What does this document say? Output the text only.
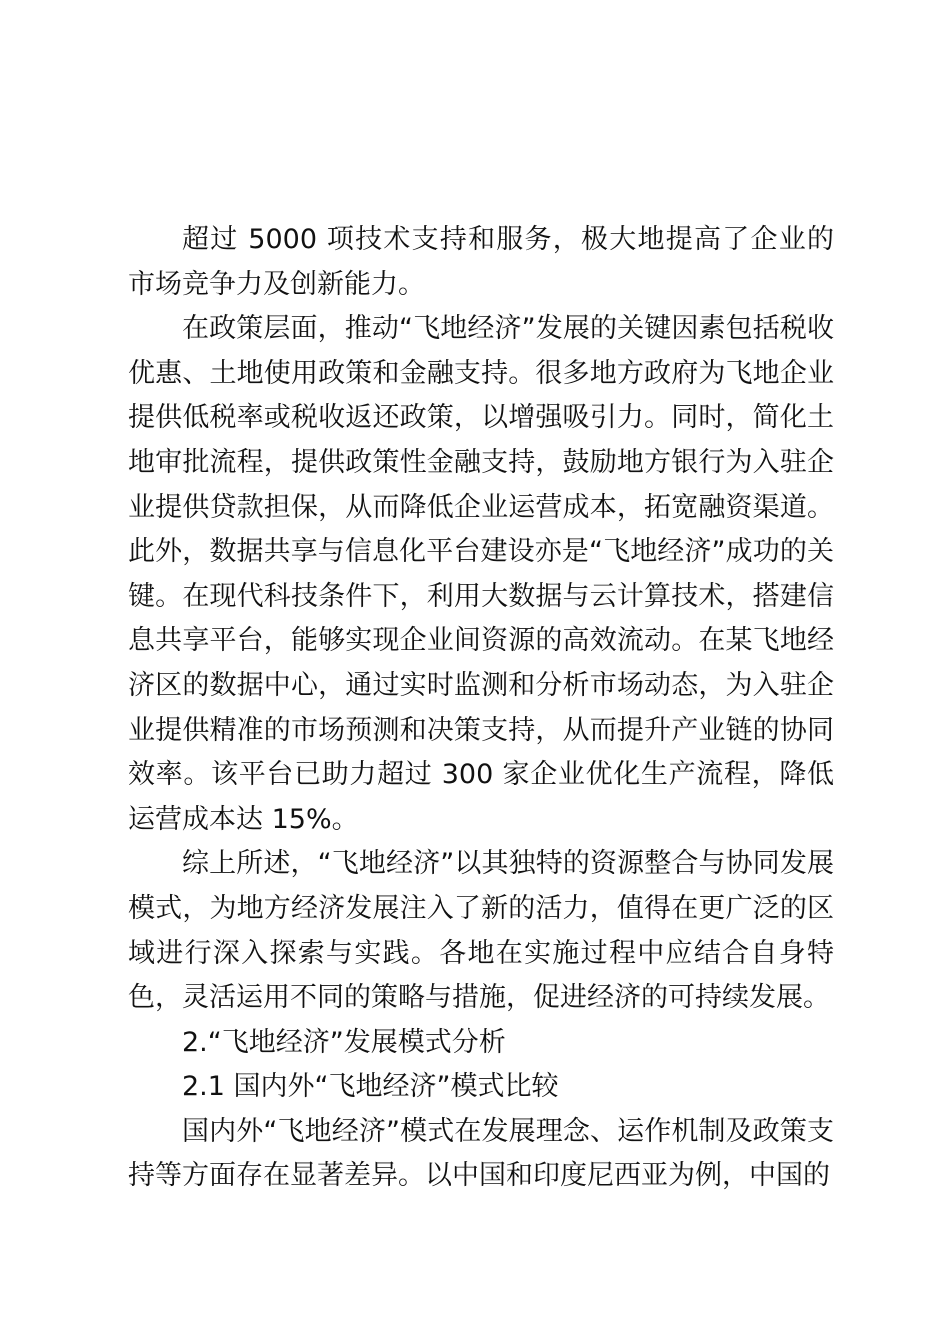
超过 5000 项技术支持和服务，极大地提高了企业的市场竞争力及创新能力。

在政策层面，推动“飞地经济”发展的关键因素包括税收优惠、土地使用政策和金融支持。很多地方政府为飞地企业提供低税率或税收返还政策，以增强吸引力。同时，简化土地审批流程，提供政策性金融支持，鼓励地方银行为入驻企业提供贷款担保，从而降低企业运营成本，拓宽融资渠道。此外，数据共享与信息化平台建设亦是“飞地经济”成功的关键。在现代科技条件下，利用大数据与云计算技术，搭建信息共享平台，能够实现企业间资源的高效流动。在某飞地经济区的数据中心，通过实时监测和分析市场动态，为入驻企业提供精准的市场预测和决策支持，从而提升产业链的协同效率。该平台已助力超过 300 家企业优化生产流程，降低运营成本达 15%。

综上所述，“飞地经济”以其独特的资源整合与协同发展模式，为地方经济发展注入了新的活力，值得在更广泛的区域进行深入探索与实践。各地在实施过程中应结合自身特色，灵活运用不同的策略与措施，促进经济的可持续发展。

2.“飞地经济”发展模式分析

2.1 国内外“飞地经济”模式比较

国内外“飞地经济”模式在发展理念、运作机制及政策支持等方面存在显著差异。以中国和印度尼西亚为例，中国的
